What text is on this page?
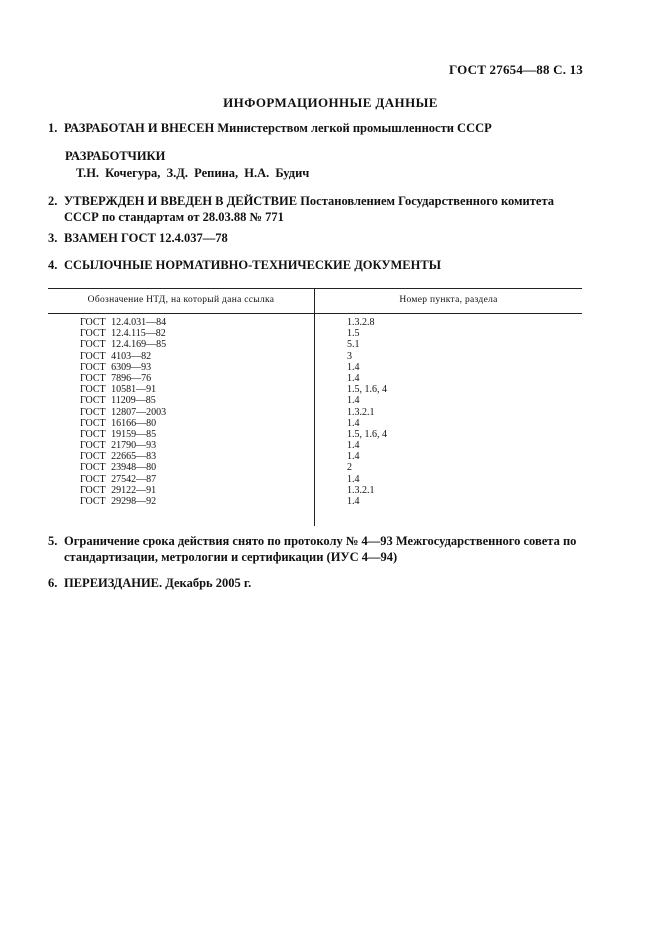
ГОСТ 27654—88 С. 13
ИНФОРМАЦИОННЫЕ ДАННЫЕ
1. РАЗРАБОТАН И ВНЕСЕН Министерством легкой промышленности СССР
РАЗРАБОТЧИКИ
Т.Н. Кочегура, З.Д. Репина, Н.А. Будич
2. УТВЕРЖДЕН И ВВЕДЕН В ДЕЙСТВИЕ Постановлением Государственного комитета СССР по стандартам от 28.03.88 № 771
3. ВЗАМЕН ГОСТ 12.4.037—78
4. ССЫЛОЧНЫЕ НОРМАТИВНО-ТЕХНИЧЕСКИЕ ДОКУМЕНТЫ
Обозначение НТД, на который дана ссылка	Номер пункта, раздела
ГОСТ 12.4.031—84	1.3.2.8
ГОСТ 12.4.115—82	1.5
ГОСТ 12.4.169—85	5.1
ГОСТ 4103—82	3
ГОСТ 6309—93	1.4
ГОСТ 7896—76	1.4
ГОСТ 10581—91	1.5, 1.6, 4
ГОСТ 11209—85	1.4
ГОСТ 12807—2003	1.3.2.1
ГОСТ 16166—80	1.4
ГОСТ 19159—85	1.5, 1.6, 4
ГОСТ 21790—93	1.4
ГОСТ 22665—83	1.4
ГОСТ 23948—80	2
ГОСТ 27542—87	1.4
ГОСТ 29122—91	1.3.2.1
ГОСТ 29298—92	1.4
5. Ограничение срока действия снято по протоколу № 4—93 Межгосударственного совета по стандартизации, метрологии и сертификации (ИУС 4—94)
6. ПЕРЕИЗДАНИЕ. Декабрь 2005 г.
